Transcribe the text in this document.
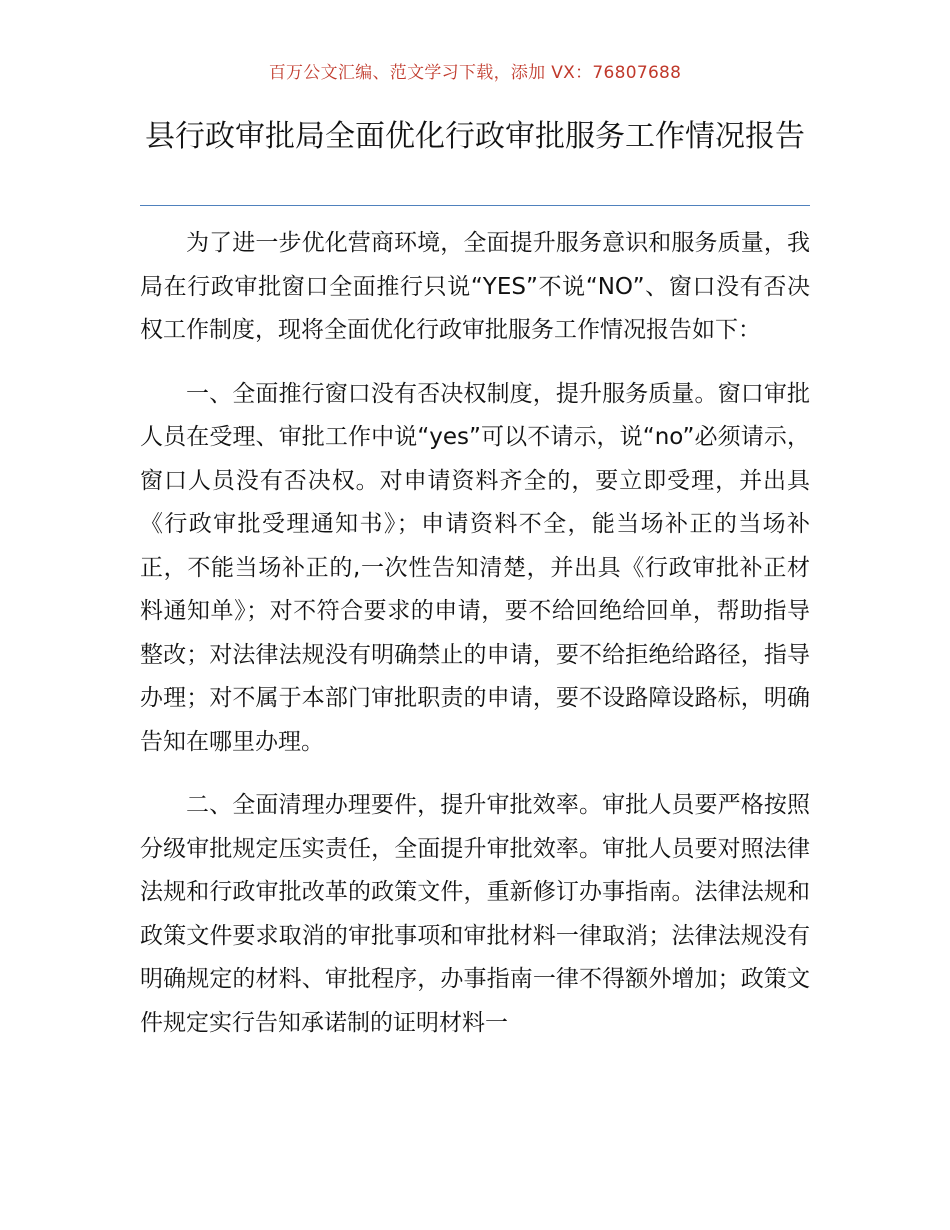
百万公文汇编、范文学习下载，添加 VX：76807688
县行政审批局全面优化行政审批服务工作情况报告

为了进一步优化营商环境，全面提升服务意识和服务质量，我局在行政审批窗口全面推行只说“YES”不说“NO”、窗口没有否决权工作制度，现将全面优化行政审批服务工作情况报告如下：

一、全面推行窗口没有否决权制度，提升服务质量。窗口审批人员在受理、审批工作中说“yes”可以不请示，说“no”必须请示，窗口人员没有否决权。对申请资料齐全的，要立即受理，并出具《行政审批受理通知书》；申请资料不全，能当场补正的当场补正，不能当场补正的,一次性告知清楚，并出具《行政审批补正材料通知单》；对不符合要求的申请，要不给回绝给回单，帮助指导整改；对法律法规没有明确禁止的申请，要不给拒绝给路径，指导办理；对不属于本部门审批职责的申请，要不设路障设路标，明确告知在哪里办理。

二、全面清理办理要件，提升审批效率。审批人员要严格按照分级审批规定压实责任，全面提升审批效率。审批人员要对照法律法规和行政审批改革的政策文件，重新修订办事指南。法律法规和政策文件要求取消的审批事项和审批材料一律取消；法律法规没有明确规定的材料、审批程序，办事指南一律不得额外增加；政策文件规定实行告知承诺制的证明材料一
